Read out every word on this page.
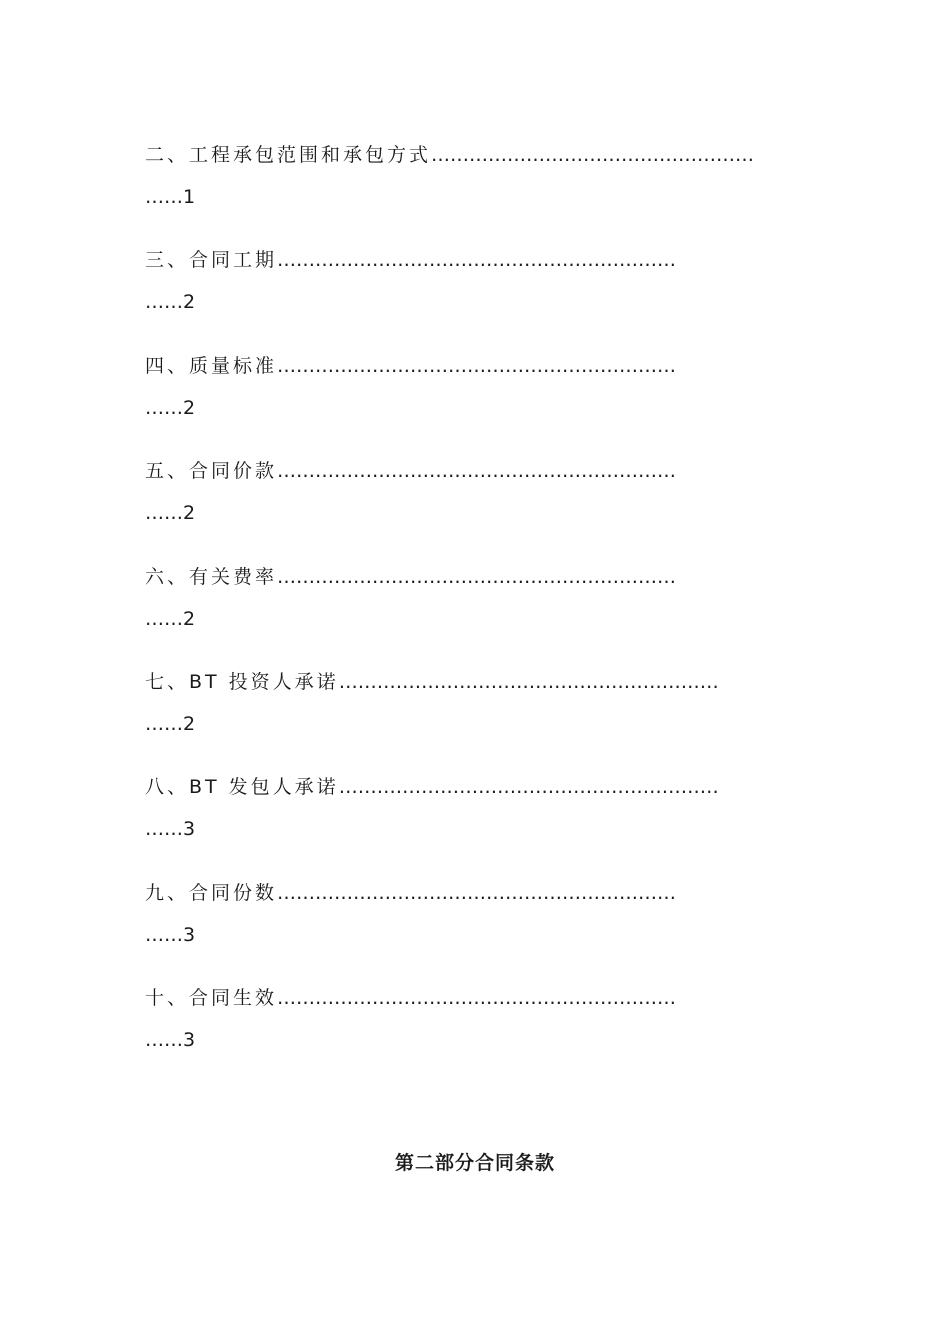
二、工程承包范围和承包方式……………………………………………
……1
三、合同工期………………………………………………………
……2
四、质量标准………………………………………………………
……2
五、合同价款………………………………………………………
……2
六、有关费率………………………………………………………
……2
七、BT 投资人承诺……………………………………………………
……2
八、BT 发包人承诺……………………………………………………
……3
九、合同份数………………………………………………………
……3
十、合同生效………………………………………………………
……3
第二部分合同条款
